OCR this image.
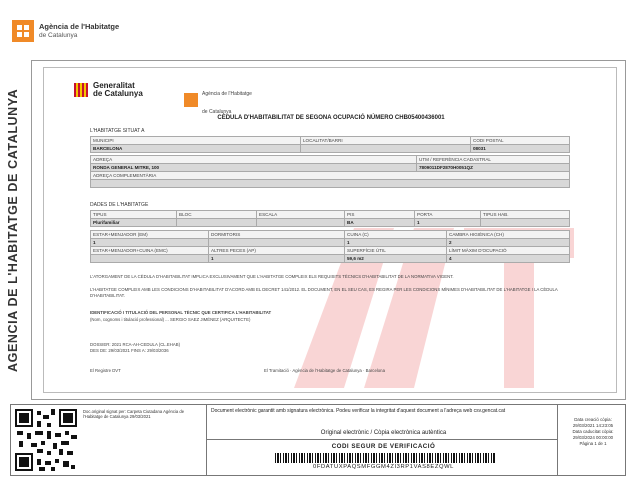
Agència de l'Habitatge
de Catalunya
AGENCIA DE L'HABITATGE DE CATALUNYA
Generalitat
de Catalunya	Agència de l'Habitatge
de Catalunya
CÈDULA D'HABITABILITAT DE SEGONA OCUPACIÓ NÚMERO CHB05400436001
L'HABITATGE SITUAT A
MUNICIPI	LOCALITAT/BARRI	CODI POSTAL
BARCELONA		08031
ADREÇA	UTM / REFERÈNCIA CADASTRAL
RONDA GENERAL MITRE, 100	7809011DF2870H0051QZ
ADREÇA COMPLEMENTÀRIA	

DADES DE L'HABITATGE
TIPUS	BLOC	ESCALA	PIS	PORTA	TIPUS HAB.
Plurifamiliar			BA	1	
ESTAR+MENJADOR (EM)	DORMITORIS	CUINA (C)	CAMBRA HIGIÈNICA (CH)
1		1	2
ESTAR+MENJADOR+CUINA (EMC)	ALTRES PECES (AP)	SUPERFÍCIE ÚTIL	LÍMIT MÀXIM D'OCUPACIÓ
	1	59,6 m2	4
L'ATORGAMENT DE LA CÈDULA D'HABITABILITAT IMPLICA EXCLUSIVAMENT QUE L'HABITATGE COMPLEIX ELS REQUISITS TÈCNICS D'HABITABILITAT DE LA NORMATIVA VIGENT.
L'HABITATGE COMPLEIX AMB LES CONDICIONS D'HABITABILITAT D'ACORD AMB EL DECRET 141/2012. EL DOCUMENT, EN EL SEU CAS, ES REGIRA PER LES CONDICIONS MÍNIMES D'HABITABILITAT DE L'HABITATGE I LA CÈDULA D'HABITABILITAT.
IDENTIFICACIÓ I TITULACIÓ DEL PERSONAL TÈCNIC QUE CERTIFICA L'HABITABILITAT
(Nom, cognoms i titulació professional) ... SERGIO SAEZ JIMÉNEZ (ARQUITECTE)
DOSSIER: 2021 RCA-AH-CEDULA (CL.EHAB)
DES DE: 29/03/2021 FINS A: 29/03/2036
El Registre DVT	El Tramitació · Agència de l'Habitatge de Catalunya · Barcelona
Doc.original signat per: Carpeta Ciutadana Agència de l'Habitatge de Catalunya 29/03/2021
Document electrònic garantit amb signatura electrònica. Podeu verificar la integritat d'aquest document a l'adreça web csv.gencat.cat
Original electrònic / Còpia electrònica autèntica
CODI SEGUR DE VERIFICACIÓ
0FDATUXPAQSMFGGM4ZI3RP1VAS8EZQWL
Data creació còpia:
29/03/2021 14:23:05
Data caducitat còpia:
29/03/2024 00:00:00
Pàgina 1 de 1
